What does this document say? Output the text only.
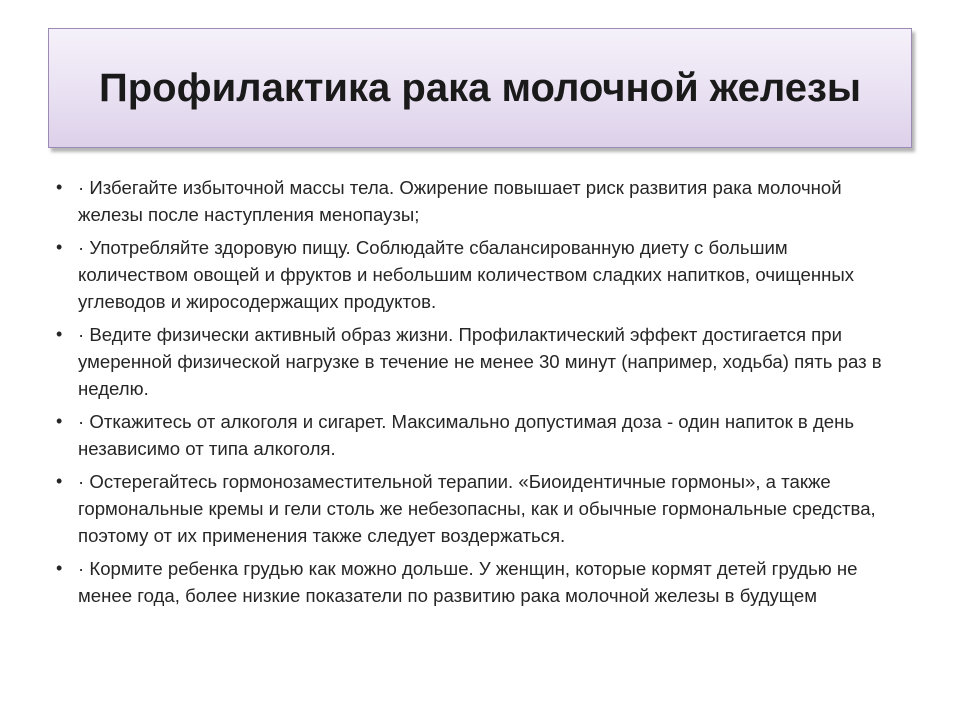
Профилактика рака молочной железы
• · Избегайте избыточной массы тела. Ожирение повышает риск развития рака молочной железы после наступления менопаузы;
• · Употребляйте здоровую пищу. Соблюдайте сбалансированную диету с большим количеством овощей и фруктов и небольшим количеством сладких напитков, очищенных углеводов и жиросодержащих продуктов.
• · Ведите физически активный образ жизни. Профилактический эффект достигается при умеренной физической нагрузке в течение не менее 30 минут (например, ходьба) пять раз в неделю.
• · Откажитесь от алкоголя и сигарет. Максимально допустимая доза - один напиток в день независимо от типа алкоголя.
• · Остерегайтесь гормонозаместительной терапии. «Биоидентичные гормоны», а также гормональные кремы и гели столь же небезопасны, как и обычные гормональные средства, поэтому от их применения также следует воздержаться.
• · Кормите ребенка грудью как можно дольше. У женщин, которые кормят детей грудью не менее года, более низкие показатели по развитию рака молочной железы в будущем
